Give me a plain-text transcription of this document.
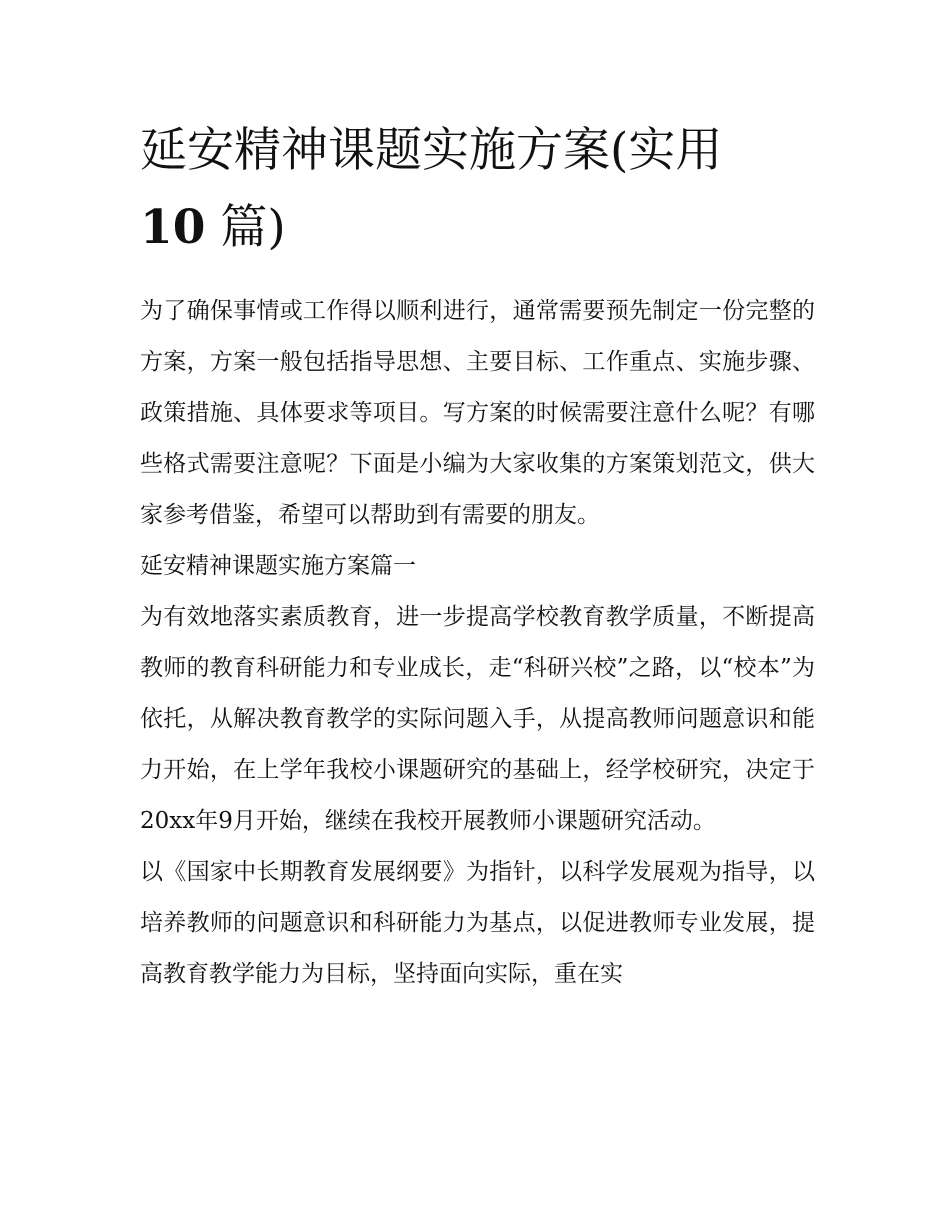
延安精神课题实施方案(实用
10 篇)

为了确保事情或工作得以顺利进行，通常需要预先制定一份完整的方案，方案一般包括指导思想、主要目标、工作重点、实施步骤、政策措施、具体要求等项目。写方案的时候需要注意什么呢？有哪些格式需要注意呢？下面是小编为大家收集的方案策划范文，供大家参考借鉴，希望可以帮助到有需要的朋友。

延安精神课题实施方案篇一

为有效地落实素质教育，进一步提高学校教育教学质量，不断提高教师的教育科研能力和专业成长，走“科研兴校”之路，以“校本”为依托，从解决教育教学的实际问题入手，从提高教师问题意识和能力开始，在上学年我校小课题研究的基础上，经学校研究，决定于20xx年9月开始，继续在我校开展教师小课题研究活动。

以《国家中长期教育发展纲要》为指针，以科学发展观为指导，以培养教师的问题意识和科研能力为基点，以促进教师专业发展，提高教育教学能力为目标，坚持面向实际，重在实
